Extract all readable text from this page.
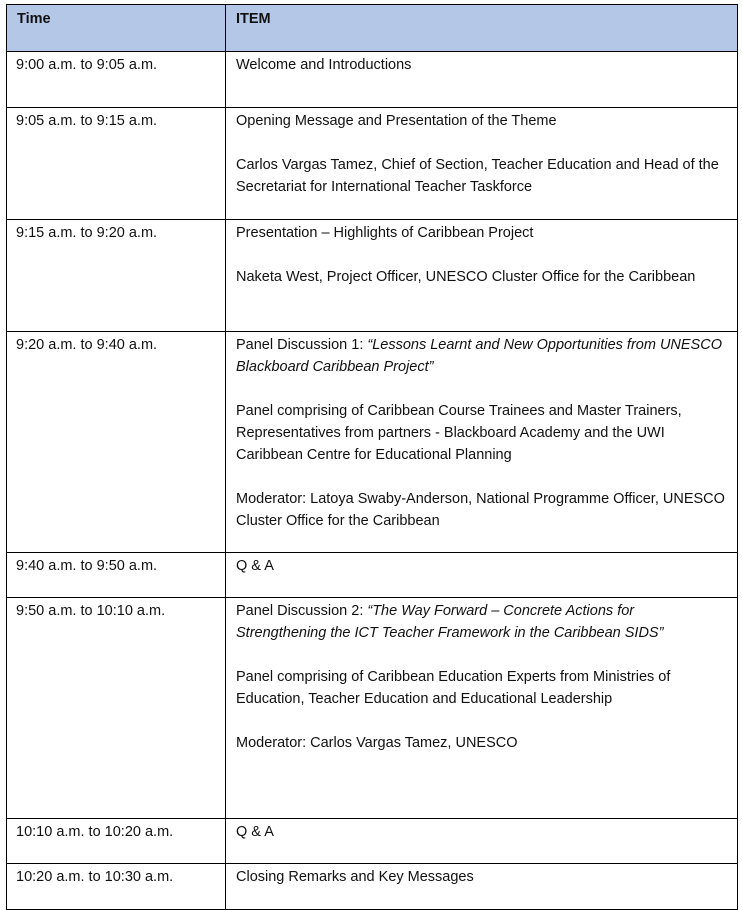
Time	ITEM

9:00 a.m. to 9:05 a.m.	Welcome and Introductions

9:05 a.m. to 9:15 a.m.	Opening Message and Presentation of the Theme

Carlos Vargas Tamez, Chief of Section, Teacher Education and Head of the Secretariat for International Teacher Taskforce

9:15 a.m. to 9:20 a.m.	Presentation – Highlights of Caribbean Project

Naketa West, Project Officer, UNESCO Cluster Office for the Caribbean

9:20 a.m. to 9:40 a.m.	Panel Discussion 1: “Lessons Learnt and New Opportunities from UNESCO Blackboard Caribbean Project”

Panel comprising of Caribbean Course Trainees and Master Trainers, Representatives from partners - Blackboard Academy and the UWI Caribbean Centre for Educational Planning

Moderator: Latoya Swaby-Anderson, National Programme Officer, UNESCO Cluster Office for the Caribbean

9:40 a.m. to 9:50 a.m.	Q & A

9:50 a.m. to 10:10 a.m.	Panel Discussion 2: “The Way Forward – Concrete Actions for Strengthening the ICT Teacher Framework in the Caribbean SIDS”

Panel comprising of Caribbean Education Experts from Ministries of Education, Teacher Education and Educational Leadership

Moderator: Carlos Vargas Tamez, UNESCO

10:10 a.m. to 10:20 a.m.	Q & A

10:20 a.m. to 10:30 a.m.	Closing Remarks and Key Messages
